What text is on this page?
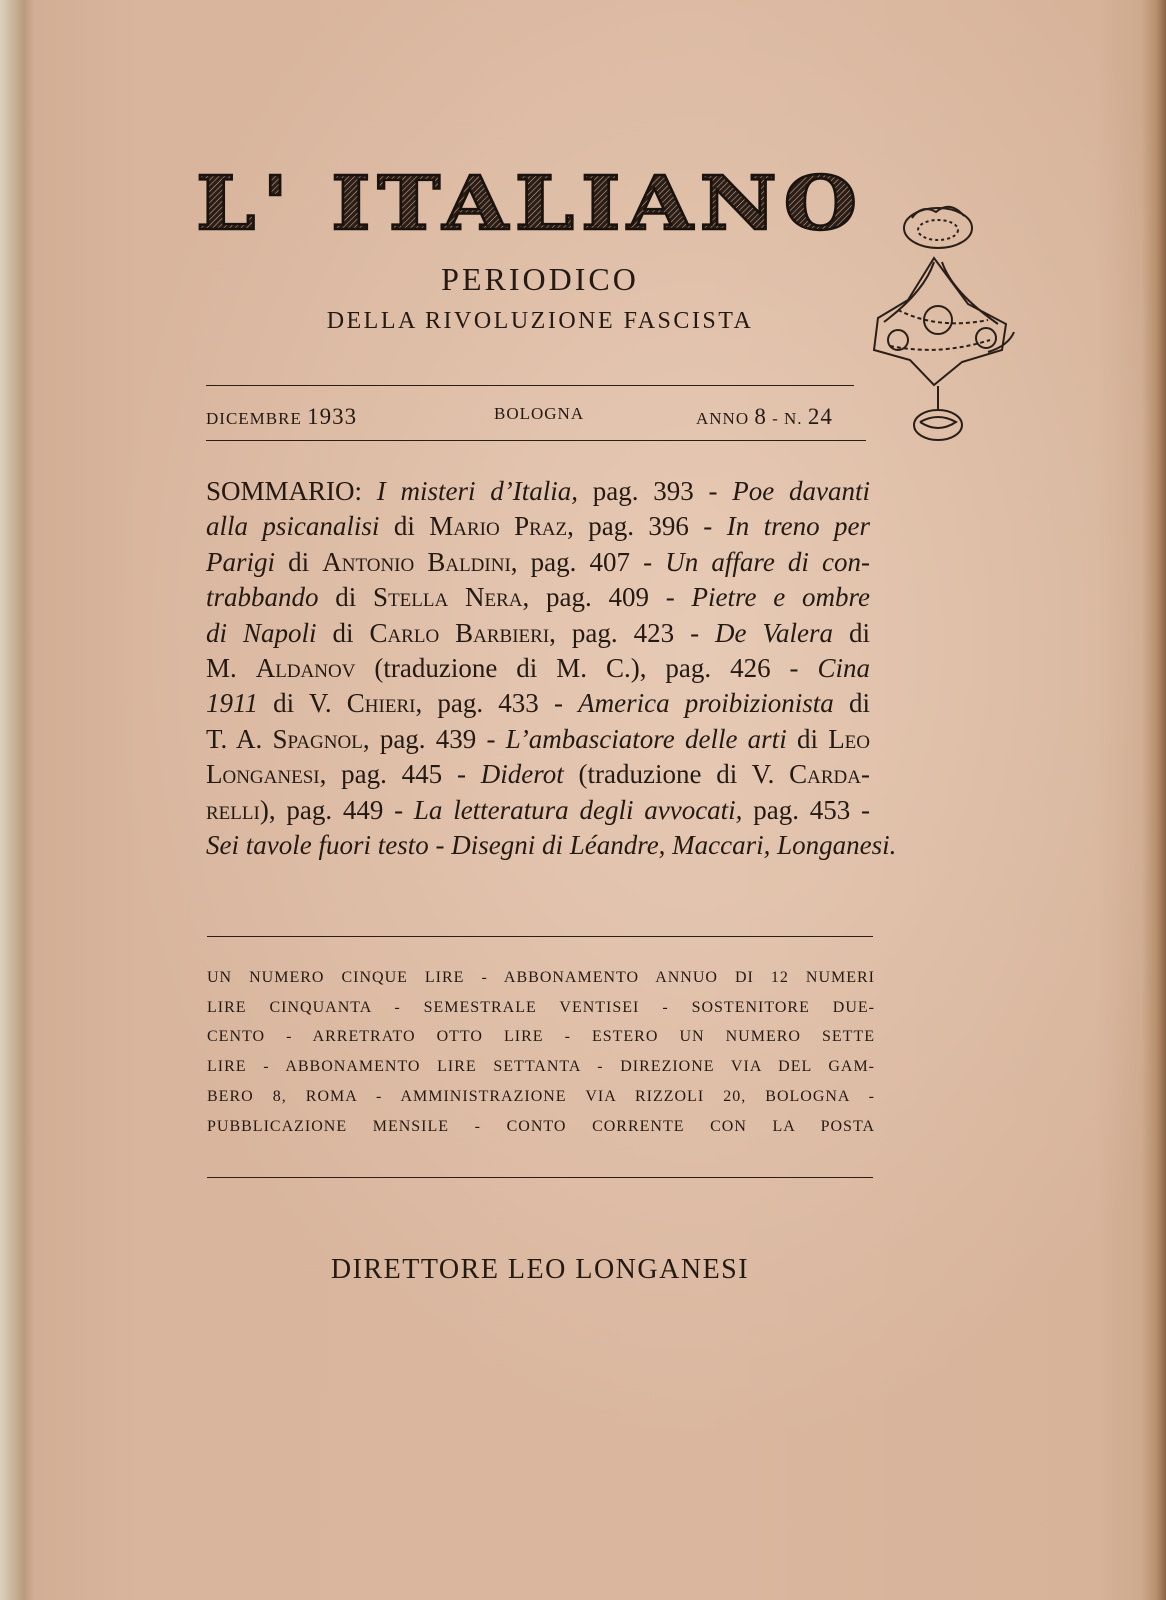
L' ITALIANO
PERIODICO
DELLA RIVOLUZIONE FASCISTA
DICEMBRE 1933	BOLOGNA	ANNO 8 - N. 24
SOMMARIO: I misteri d’Italia, pag. 393 - Poe davanti
alla psicanalisi di Mario Praz, pag. 396 - In treno per
Parigi di Antonio Baldini, pag. 407 - Un affare di con-
trabbando di Stella Nera, pag. 409 - Pietre e ombre
di Napoli di Carlo Barbieri, pag. 423 - De Valera di
M. Aldanov (traduzione di M. C.), pag. 426 - Cina
1911 di V. Chieri, pag. 433 - America proibizionista di
T. A. Spagnol, pag. 439 - L’ambasciatore delle arti di Leo
Longanesi, pag. 445 - Diderot (traduzione di V. Carda-
relli), pag. 449 - La letteratura degli avvocati, pag. 453 -
Sei tavole fuori testo - Disegni di Léandre, Maccari, Longanesi.
UN NUMERO CINQUE LIRE - ABBONAMENTO ANNUO DI 12 NUMERI
LIRE CINQUANTA - SEMESTRALE VENTISEI - SOSTENITORE DUE-
CENTO - ARRETRATO OTTO LIRE - ESTERO UN NUMERO SETTE
LIRE - ABBONAMENTO LIRE SETTANTA - DIREZIONE VIA DEL GAM-
BERO 8, ROMA - AMMINISTRAZIONE VIA RIZZOLI 20, BOLOGNA -
PUBBLICAZIONE MENSILE - CONTO CORRENTE CON LA POSTA
DIRETTORE LEO LONGANESI
